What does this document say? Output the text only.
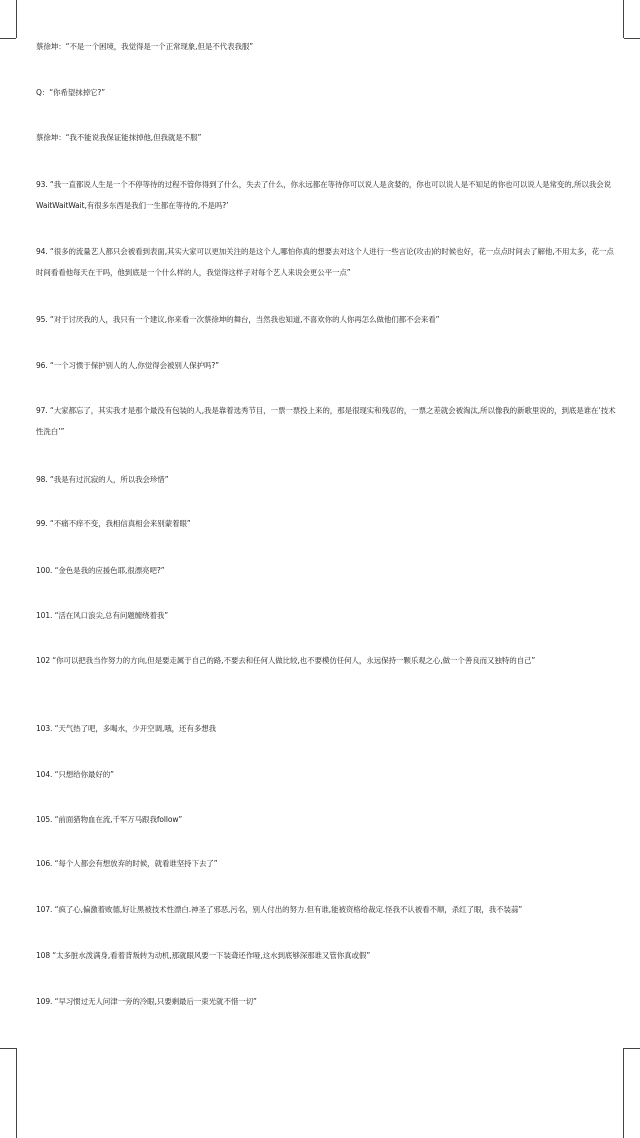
蔡徐坤：“不是一个困境，我觉得是一个正常现象,但是不代表我服”

Q：“你希望抹掉它?”

蔡徐坤：“我不能说我保证能抹掉他,但我就是不服”

93. “我一直都说人生是一个不停等待的过程不管你得到了什么，失去了什么，你永远都在等待你可以说人是贪婪的，你也可以说人是不知足的你也可以说人是常变的,所以我会说WaitWaitWait,有很多东西是我们一生都在等待的,不是吗?’

94. “很多的流量艺人都只会被看到表面,其实大家可以更加关注的是这个人,哪怕你真的想要去对这个人进行一些言论(攻击)的时候也好，花一点点时间去了解他,不用太多，花一点时间看看他每天在干吗，他到底是一个什么样的人，我觉得这样子对每个艺人来说会更公平一点”

95. “对于讨厌我的人，我只有一个建议,你来看一次蔡徐坤的舞台，当然我也知道,不喜欢你的人你再怎么做他们都不会来看”

96. “一个习惯于保护别人的人,你觉得会被别人保护吗?”

97. “大家都忘了，其实我才是那个最没有包装的人,我是靠着选秀节目，一票一票投上来的，那是很现实和残忍的，一票之差就会被淘汰,所以像我的新歌里说的，到底是谁在‘技术性洗白’”

98. “我是有过沉寂的人，所以我会珍惜”

99. “不痛不痒不变，我相信真相会来别蒙着眼”

100. “金色是我的应援色耶,很漂亮吧?”

101. “活在风口浪尖,总有问题缠绕着我”

102 “你可以把我当作努力的方向,但是要走属于自己的路,不要去和任何人做比较,也不要模仿任何人，永远保持一颗乐观之心,做一个善良而又独特的自己”

103. “天气热了吧，多喝水，少开空调,哦，还有多想我

104. “只想给你最好的”

105. “前面猎物血在流,千军万马跟我follow”

106. “每个人都会有想放弃的时候，就看谁坚持下去了”

107. “疯了心,偏激着败德,好让黑被技术性漂白.神圣了邪恶,污名，别人付出的努力.但有谁,能被资格给裁定.怪我不认被看不顺，杀红了眼，我不装蒜”

108 “太多脏水泼满身,看着背叛转为动机,那就眼风要一下装聋还作哑,这水到底够深那谁又管你真或假”

109. “早习惯过无人问津一旁的冷眼,只要剩最后一束光就不惜一切”
